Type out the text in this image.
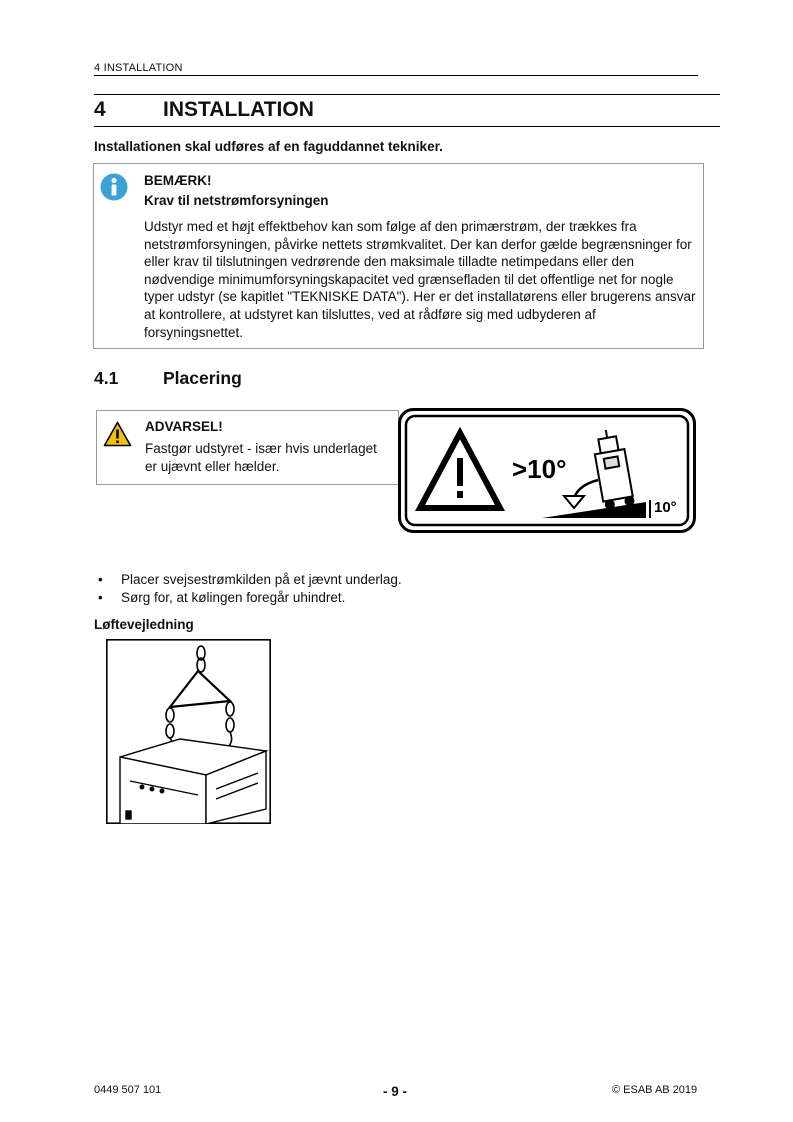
4 INSTALLATION
4	INSTALLATION
Installationen skal udføres af en faguddannet tekniker.
BEMÆRK!
Krav til netstrømforsyningen
Udstyr med et højt effektbehov kan som følge af den primærstrøm, der trækkes fra netstrømforsyningen, påvirke nettets strømkvalitet. Der kan derfor gælde begrænsninger for eller krav til tilslutningen vedrørende den maksimale tilladte netimpedans eller den nødvendige minimumforsyningskapacitet ved grænsefladen til det offentlige net for nogle typer udstyr (se kapitlet "TEKNISKE DATA"). Her er det installatørens eller brugerens ansvar at kontrollere, at udstyret kan tilsluttes, ved at rådføre sig med udbyderen af forsyningsnettet.
4.1	Placering
ADVARSEL!
Fastgør udstyret - især hvis underlaget er ujævnt eller hælder.	>10°
10°
• Placer svejsestrømkilden på et jævnt underlag.
• Sørg for, at kølingen foregår uhindret.
Løftevejledning
0449 507 101	- 9 -	© ESAB AB 2019
